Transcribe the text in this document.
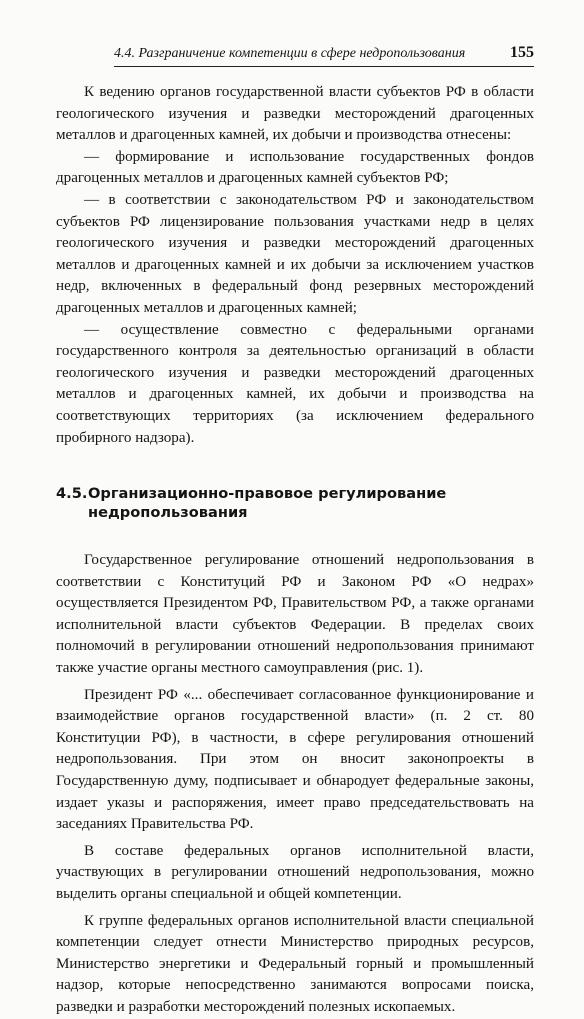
4.4. Разграничение компетенции в сфере недропользования	155

К ведению органов государственной власти субъектов РФ в области геологического изучения и разведки месторождений драгоценных металлов и драгоценных камней, их добычи и производства отнесены:

— формирование и использование государственных фондов драгоценных металлов и драгоценных камней субъектов РФ;

— в соответствии с законодательством РФ и законодательством субъектов РФ лицензирование пользования участками недр в целях геологического изучения и разведки месторождений драгоценных металлов и драгоценных камней и их добычи за исключением участков недр, включенных в федеральный фонд резервных месторождений драгоценных металлов и драгоценных камней;

— осуществление совместно с федеральными органами государственного контроля за деятельностью организаций в области геологического изучения и разведки месторождений драгоценных металлов и драгоценных камней, их добычи и производства на соответствующих территориях (за исключением федерального пробирного надзора).

4.5.Организационно-правовое регулирование
недропользования

Государственное регулирование отношений недропользования в соответствии с Конституций РФ и Законом РФ «О недрах» осуществляется Президентом РФ, Правительством РФ, а также органами исполнительной власти субъектов Федерации. В пределах своих полномочий в регулировании отношений недропользования принимают также участие органы местного самоуправления (рис. 1).

Президент РФ «... обеспечивает согласованное функционирование и взаимодействие органов государственной власти» (п. 2 ст. 80 Конституции РФ), в частности, в сфере регулирования отношений недропользования. При этом он вносит законопроекты в Государственную думу, подписывает и обнародует федеральные законы, издает указы и распоряжения, имеет право председательствовать на заседаниях Правительства РФ.

В составе федеральных органов исполнительной власти, участвующих в регулировании отношений недропользования, можно выделить органы специальной и общей компетенции.

К группе федеральных органов исполнительной власти специальной компетенции следует отнести Министерство природных ресурсов, Министерство энергетики и Федеральный горный и промышленный надзор, которые непосредственно занимаются вопросами поиска, разведки и разработки месторождений полезных ископаемых.
